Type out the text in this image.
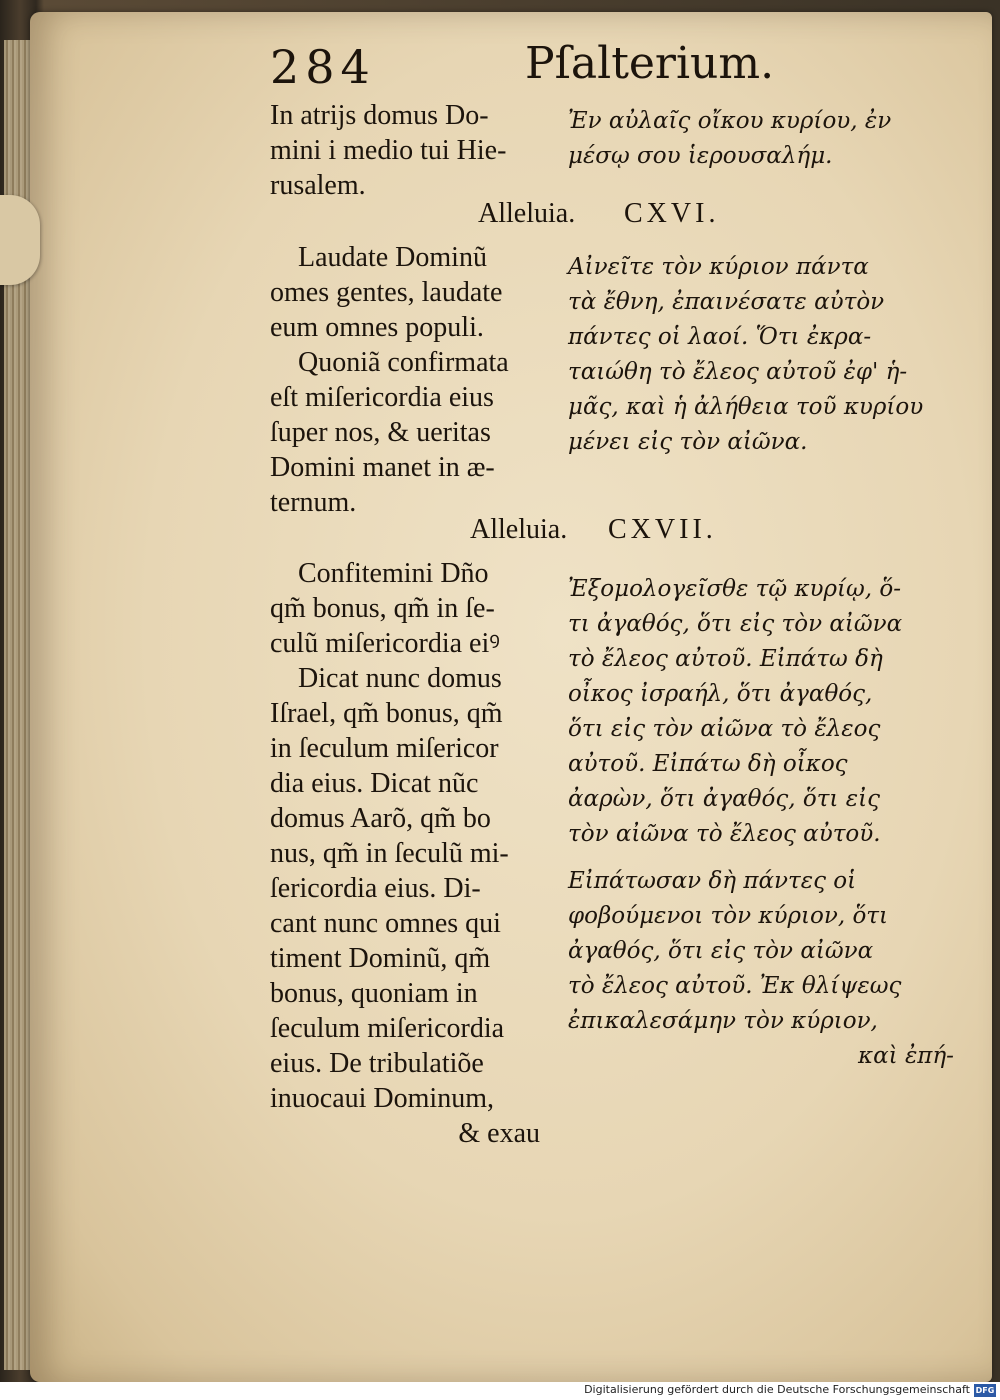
284	Pſalterium.
In atrijs domus Do-
mini i medio tui Hie-
rusalem.
Ἐν αὐλαῖς οἴκου κυρίου, ἐν
μέσῳ σου ἱερουσαλήμ.
Alleluia. CXVI.
Laudate Dominũ
omes gentes, laudate
eum omnes populi.
Quoniã confirmata
eſt miſericordia eius
ſuper nos, & ueritas
Domini manet in æ-
ternum.
Αἰνεῖτε τὸν κύριον πάντα
τὰ ἔθνη, ἐπαινέσατε αὐτὸν
πάντες οἱ λαοί. Ὅτι ἐκρα-
ταιώθη τὸ ἔλεος αὐτοῦ ἐφ' ἡ-
μᾶς, καὶ ἡ ἀλήθεια τοῦ κυρίου
μένει εἰς τὸν αἰῶνα.
Alleluia. CXVII.
Confitemini Dño
qm̃ bonus, qm̃ in ſe-
culũ miſericordia eiꝰ
Dicat nunc domus
Iſrael, qm̃ bonus, qm̃
in ſeculum miſericor
dia eius. Dicat nũc
domus Aarõ, qm̃ bo
nus, qm̃ in ſeculũ mi-
ſericordia eius. Di-
cant nunc omnes qui
timent Dominũ, qm̃
bonus, quoniam in
ſeculum miſericordia
eius. De tribulatiõe
inuocaui Dominum,
& exau
Ἐξομολογεῖσθε τῷ κυρίῳ, ὅ-
τι ἀγαθός, ὅτι εἰς τὸν αἰῶνα
τὸ ἔλεος αὐτοῦ. Εἰπάτω δὴ
οἶκος ἰσραήλ, ὅτι ἀγαθός,
ὅτι εἰς τὸν αἰῶνα τὸ ἔλεος
αὐτοῦ. Εἰπάτω δὴ οἶκος
ἀαρὼν, ὅτι ἀγαθός, ὅτι εἰς
τὸν αἰῶνα τὸ ἔλεος αὐτοῦ.
Εἰπάτωσαν δὴ πάντες οἱ
φοβούμενοι τὸν κύριον, ὅτι
ἀγαθός, ὅτι εἰς τὸν αἰῶνα
τὸ ἔλεος αὐτοῦ. Ἐκ θλίψεως
ἐπικαλεσάμην τὸν κύριον,
καὶ ἐπή-
Digitalisierung gefördert durch die Deutsche Forschungsgemeinschaft DFG
